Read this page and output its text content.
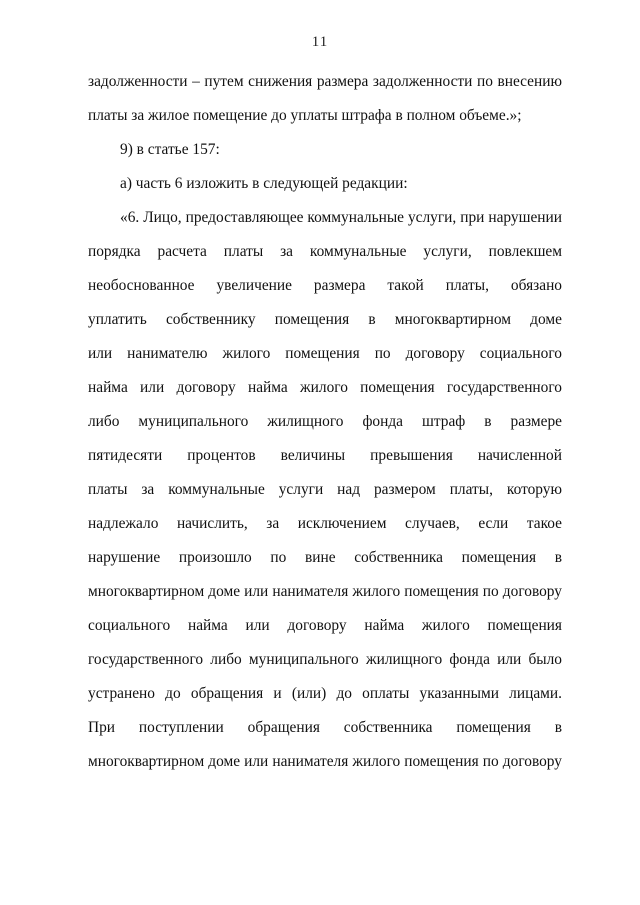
11
задолженности – путем снижения размера задолженности по внесению
платы за жилое помещение до уплаты штрафа в полном объеме.»;
9) в статье 157:
а) часть 6 изложить в следующей редакции:
«6. Лицо, предоставляющее коммунальные услуги, при нарушении
порядка расчета платы за коммунальные услуги, повлекшем
необоснованное увеличение размера такой платы, обязано
уплатить собственнику помещения в многоквартирном доме
или нанимателю жилого помещения по договору социального
найма или договору найма жилого помещения государственного
либо муниципального жилищного фонда штраф в размере
пятидесяти процентов величины превышения начисленной
платы за коммунальные услуги над размером платы, которую
надлежало начислить, за исключением случаев, если такое
нарушение произошло по вине собственника помещения в
многоквартирном доме или нанимателя жилого помещения по договору
социального найма или договору найма жилого помещения
государственного либо муниципального жилищного фонда или было
устранено до обращения и (или) до оплаты указанными лицами.
При поступлении обращения собственника помещения в
многоквартирном доме или нанимателя жилого помещения по договору
